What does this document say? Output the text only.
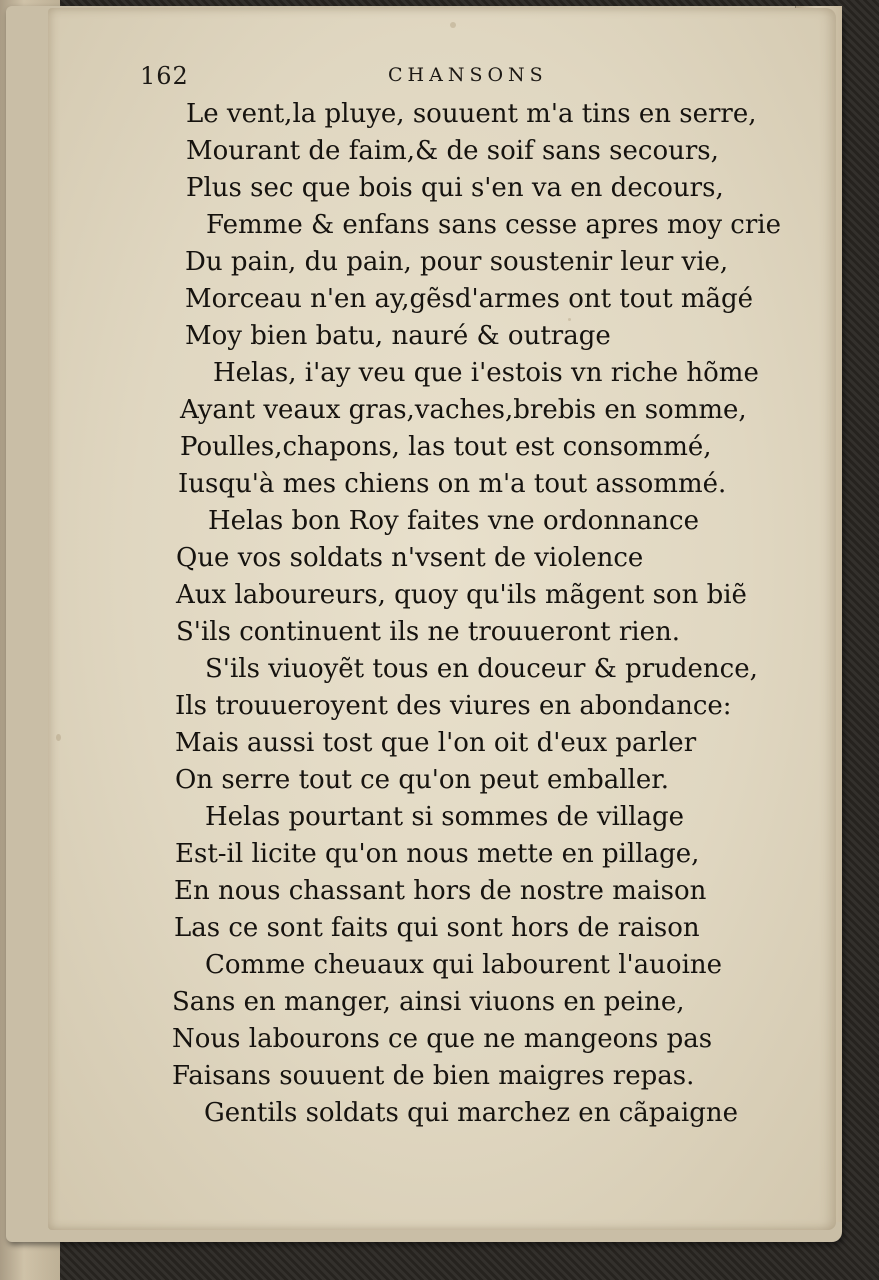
162	CHANSONS
Le vent,la pluye, souuent m'a tins en serre,
Mourant de faim,& de soif sans secours,
Plus sec que bois qui s'en va en decours,
Femme & enfans sans cesse apres moy crie
Du pain, du pain, pour soustenir leur vie,
Morceau n'en ay,gẽsd'armes ont tout mãgé
Moy bien batu, nauré & outrage
Helas, i'ay veu que i'estois vn riche hõme
Ayant veaux gras,vaches,brebis en somme,
Poulles,chapons, las tout est consommé,
Iusqu'à mes chiens on m'a tout assommé.
Helas bon Roy faites vne ordonnance
Que vos soldats n'vsent de violence
Aux laboureurs, quoy qu'ils mãgent son biẽ
S'ils continuent ils ne trouueront rien.
S'ils viuoyẽt tous en douceur & prudence,
Ils trouueroyent des viures en abondance:
Mais aussi tost que l'on oit d'eux parler
On serre tout ce qu'on peut emballer.
Helas pourtant si sommes de village
Est-il licite qu'on nous mette en pillage,
En nous chassant hors de nostre maison
Las ce sont faits qui sont hors de raison
Comme cheuaux qui labourent l'auoine
Sans en manger, ainsi viuons en peine,
Nous labourons ce que ne mangeons pas
Faisans souuent de bien maigres repas.
Gentils soldats qui marchez en cãpaigne
